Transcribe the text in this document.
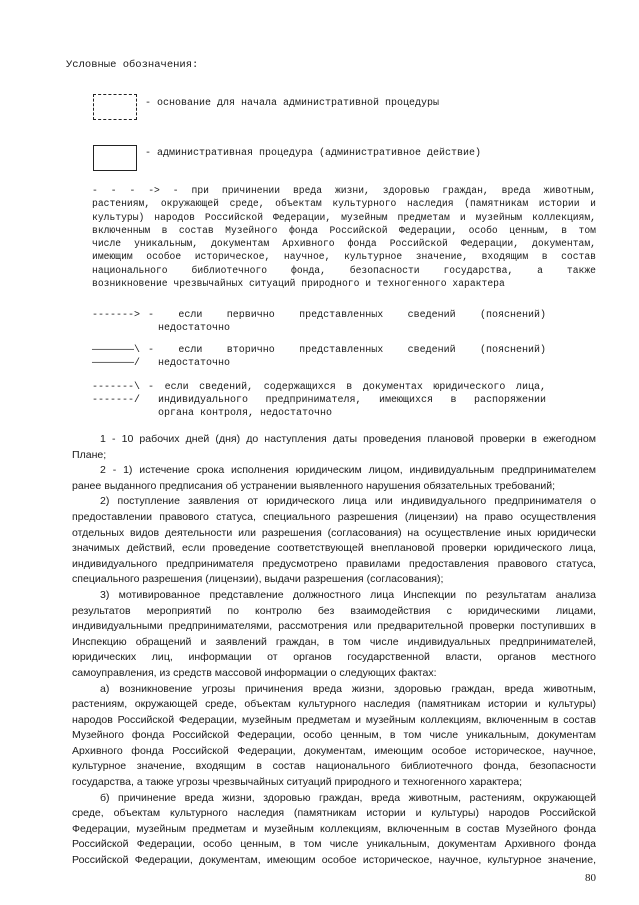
Условные обозначения:
- основание для начала административной процедуры
- административная процедура (административное действие)
- - - -> - при причинении вреда жизни, здоровью граждан, вреда животным,
растениям, окружающей среде, объектам культурного наследия (памятникам истории и
культуры) народов Российской Федерации, музейным предметам и музейным коллекциям,
включенным в состав Музейного фонда Российской Федерации, особо ценным, в том
числе уникальным, документам Архивного фонда Российской Федерации, документам,
имеющим особое историческое, научное, культурное значение, входящим в состав
национального библиотечного фонда, безопасности государства, а также
возникновение чрезвычайных ситуаций природного и техногенного характера
-------> - если первично представленных сведений (пояснений)
недостаточно
———————\
———————/
- если вторично представленных сведений (пояснений)
недостаточно
-------\
-------/
- если сведений, содержащихся в документах юридического лица,
индивидуального предпринимателя, имеющихся в распоряжении
органа контроля, недостаточно
1 - 10 рабочих дней (дня) до наступления даты проведения плановой проверки в ежегодном
Плане;
2 - 1) истечение срока исполнения юридическим лицом, индивидуальным предпринимателем
ранее выданного предписания об устранении выявленного нарушения обязательных требований;
2) поступление заявления от юридического лица или индивидуального предпринимателя о
предоставлении правового статуса, специального разрешения (лицензии) на право осуществления
отдельных видов деятельности или разрешения (согласования) на осуществление иных юридически
значимых действий, если проведение соответствующей внеплановой проверки юридического лица,
индивидуального предпринимателя предусмотрено правилами предоставления правового статуса,
специального разрешения (лицензии), выдачи разрешения (согласования);
3) мотивированное представление должностного лица Инспекции по результатам анализа
результатов мероприятий по контролю без взаимодействия с юридическими лицами,
индивидуальными предпринимателями, рассмотрения или предварительной проверки поступивших в
Инспекцию обращений и заявлений граждан, в том числе индивидуальных предпринимателей,
юридических лиц, информации от органов государственной власти, органов местного
самоуправления, из средств массовой информации о следующих фактах:
а) возникновение угрозы причинения вреда жизни, здоровью граждан, вреда животным,
растениям, окружающей среде, объектам культурного наследия (памятникам истории и культуры)
народов Российской Федерации, музейным предметам и музейным коллекциям, включенным в состав
Музейного фонда Российской Федерации, особо ценным, в том числе уникальным, документам
Архивного фонда Российской Федерации, документам, имеющим особое историческое, научное,
культурное значение, входящим в состав национального библиотечного фонда, безопасности
государства, а также угрозы чрезвычайных ситуаций природного и техногенного характера;
б) причинение вреда жизни, здоровью граждан, вреда животным, растениям, окружающей
среде, объектам культурного наследия (памятникам истории и культуры) народов Российской
Федерации, музейным предметам и музейным коллекциям, включенным в состав Музейного фонда
Российской Федерации, особо ценным, в том числе уникальным, документам Архивного фонда
Российской Федерации, документам, имеющим особое историческое, научное, культурное значение,
80
